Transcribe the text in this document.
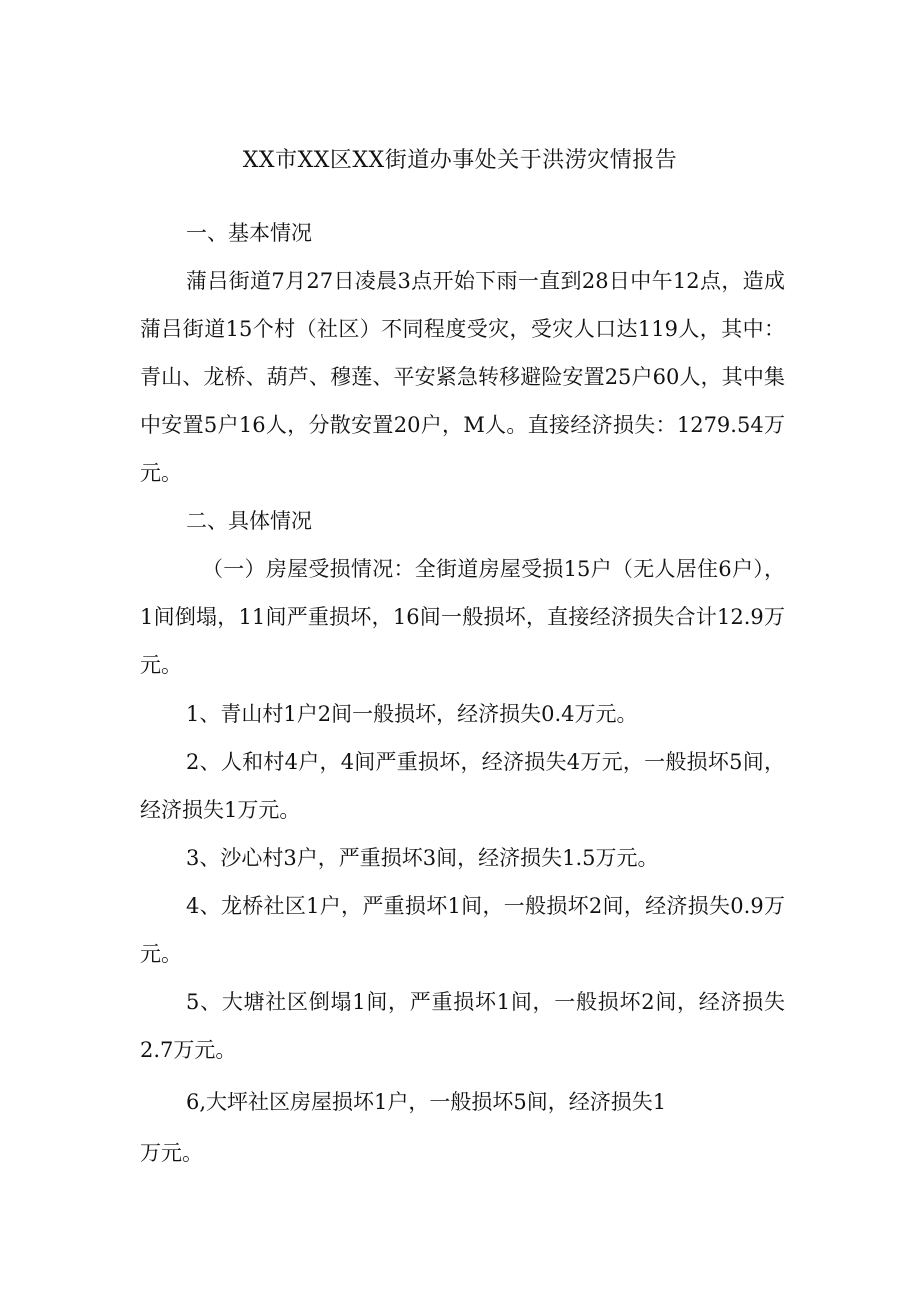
XX市XX区XX街道办事处关于洪涝灾情报告
一、基本情况
蒲吕街道7月27日凌晨3点开始下雨一直到28日中午12点，造成蒲吕街道15个村（社区）不同程度受灾，受灾人口达119人，其中：青山、龙桥、葫芦、穆莲、平安紧急转移避险安置25户60人，其中集中安置5户16人，分散安置20户，M人。直接经济损失：1279.54万元。
二、具体情况
（一）房屋受损情况：全街道房屋受损15户（无人居住6户），1间倒塌，11间严重损坏，16间一般损坏，直接经济损失合计12.9万元。
1、青山村1户2间一般损坏，经济损失0.4万元。
2、人和村4户，4间严重损坏，经济损失4万元，一般损坏5间，经济损失1万元。
3、沙心村3户，严重损坏3间，经济损失1.5万元。
4、龙桥社区1户，严重损坏1间，一般损坏2间，经济损失0.9万元。
5、大塘社区倒塌1间，严重损坏1间，一般损坏2间，经济损失2.7万元。
6,大坪社区房屋损坏1户，一般损坏5间，经济损失1
万元。
